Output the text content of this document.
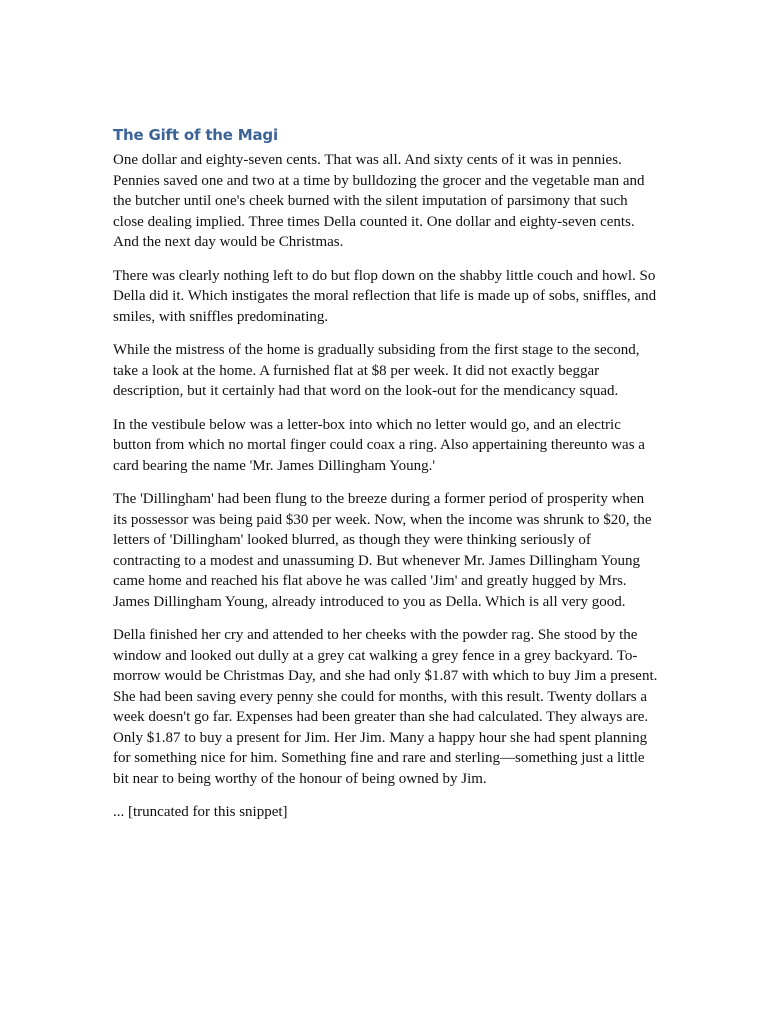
The Gift of the Magi

One dollar and eighty-seven cents. That was all. And sixty cents of it was in pennies. Pennies saved one and two at a time by bulldozing the grocer and the vegetable man and the butcher until one's cheek burned with the silent imputation of parsimony that such close dealing implied. Three times Della counted it. One dollar and eighty-seven cents. And the next day would be Christmas.

There was clearly nothing left to do but flop down on the shabby little couch and howl. So Della did it. Which instigates the moral reflection that life is made up of sobs, sniffles, and smiles, with sniffles predominating.

While the mistress of the home is gradually subsiding from the first stage to the second, take a look at the home. A furnished flat at $8 per week. It did not exactly beggar description, but it certainly had that word on the look-out for the mendicancy squad.

In the vestibule below was a letter-box into which no letter would go, and an electric button from which no mortal finger could coax a ring. Also appertaining thereunto was a card bearing the name 'Mr. James Dillingham Young.'

The 'Dillingham' had been flung to the breeze during a former period of prosperity when its possessor was being paid $30 per week. Now, when the income was shrunk to $20, the letters of 'Dillingham' looked blurred, as though they were thinking seriously of contracting to a modest and unassuming D. But whenever Mr. James Dillingham Young came home and reached his flat above he was called 'Jim' and greatly hugged by Mrs. James Dillingham Young, already introduced to you as Della. Which is all very good.

Della finished her cry and attended to her cheeks with the powder rag. She stood by the window and looked out dully at a grey cat walking a grey fence in a grey backyard. To-morrow would be Christmas Day, and she had only $1.87 with which to buy Jim a present. She had been saving every penny she could for months, with this result. Twenty dollars a week doesn't go far. Expenses had been greater than she had calculated. They always are. Only $1.87 to buy a present for Jim. Her Jim. Many a happy hour she had spent planning for something nice for him. Something fine and rare and sterling—something just a little bit near to being worthy of the honour of being owned by Jim.

... [truncated for this snippet]
